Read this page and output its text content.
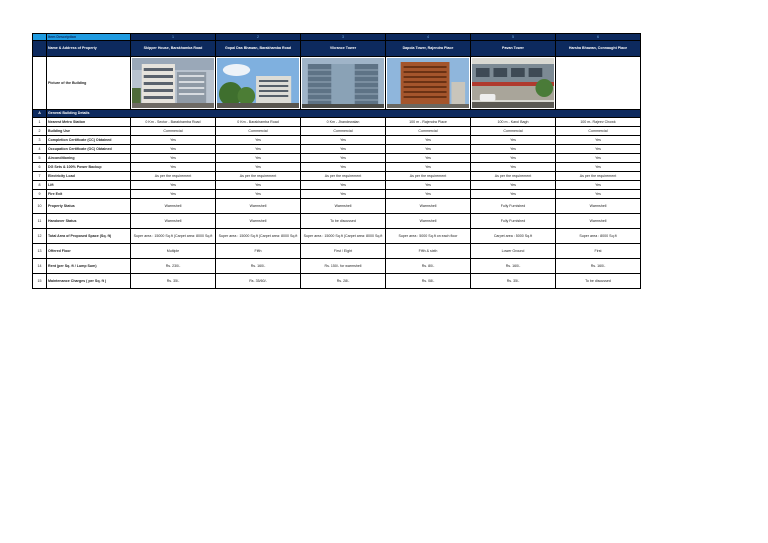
	Item Description	1	2	3	4	5	6
	Name & Address of Property	Skipper House, Barakhamba Road	Gopal Das Bhawan, Barakhamba Road	Vikrance Tower	Dapola Tower, Rajendra Place	Pavan Tower	Harsha Bhawan, Connaught Place
	Picture of the Building	

A	General Building Details						
1	Nearest Metro Station	0 Km - Sector - Barakhamba Road	0 Km - Barakhamba Road	0 Km - Jhandewalan	100 m - Rajendra Place	100 m - Karol Bagh	100 m- Rajeev Chowk
2	Building Use	Commercial	Commercial	Commercial	Commercial	Commercial	Commercial
3	Completion Certificate (CC) Obtained	Yes	Yes	Yes	Yes	Yes	Yes
4	Occupation Certificate (OC) Obtained	Yes	Yes	Yes	Yes	Yes	Yes
5	Airconditioning	Yes	Yes	Yes	Yes	Yes	Yes
6	DG Sets & 100% Power Backup	Yes	Yes	Yes	Yes	Yes	Yes
7	Electricity Load	As per the requirement	As per the requirement	As per the requirement	As per the requirement	As per the requirement	As per the requirement
8	Lift	Yes	Yes	Yes	Yes	Yes	Yes
9	Fire Exit	Yes	Yes	Yes	Yes	Yes	Yes
10	Property Status	Warmshell	Warmshell	Warmshell	Warmshell	Fully Furnished	Warmshell
11	Handover Status	Warmshell	Warmshell	To be discussed	Warmshell	Fully Furnished	Warmshell
12	Total Area of Proposed Space (Sq. ft)	Super area : 15000 Sq.ft (Carpet area: 8000 Sq.ft	Super area : 15000 Sq.ft (Carpet area: 8000 Sq.ft	Super area : 15000 Sq.ft (Carpet area: 8000 Sq.ft	Super area : 5000 Sq.ft on each floor	Carpet area : 5000 Sq.ft	Super area : 8000 Sq.ft
13	Offered Floor	Multiple	Fifth	First / Eight	Fifth & sixth	Lower Ground	First
14	Rent (per Sq. ft / Lump Sum)	Rs. 230/-	Rs. 160/-	Rs. 150/- for warmshell	Rs. 80/-	Rs. 160/-	Rs. 160/-
15	Maintenance Charges ( per Sq. ft )	Rs. 35/-	Rs. 35/60/-	Rs. 28/-	Rs. 08/-	Rs. 35/-	To be discussed
